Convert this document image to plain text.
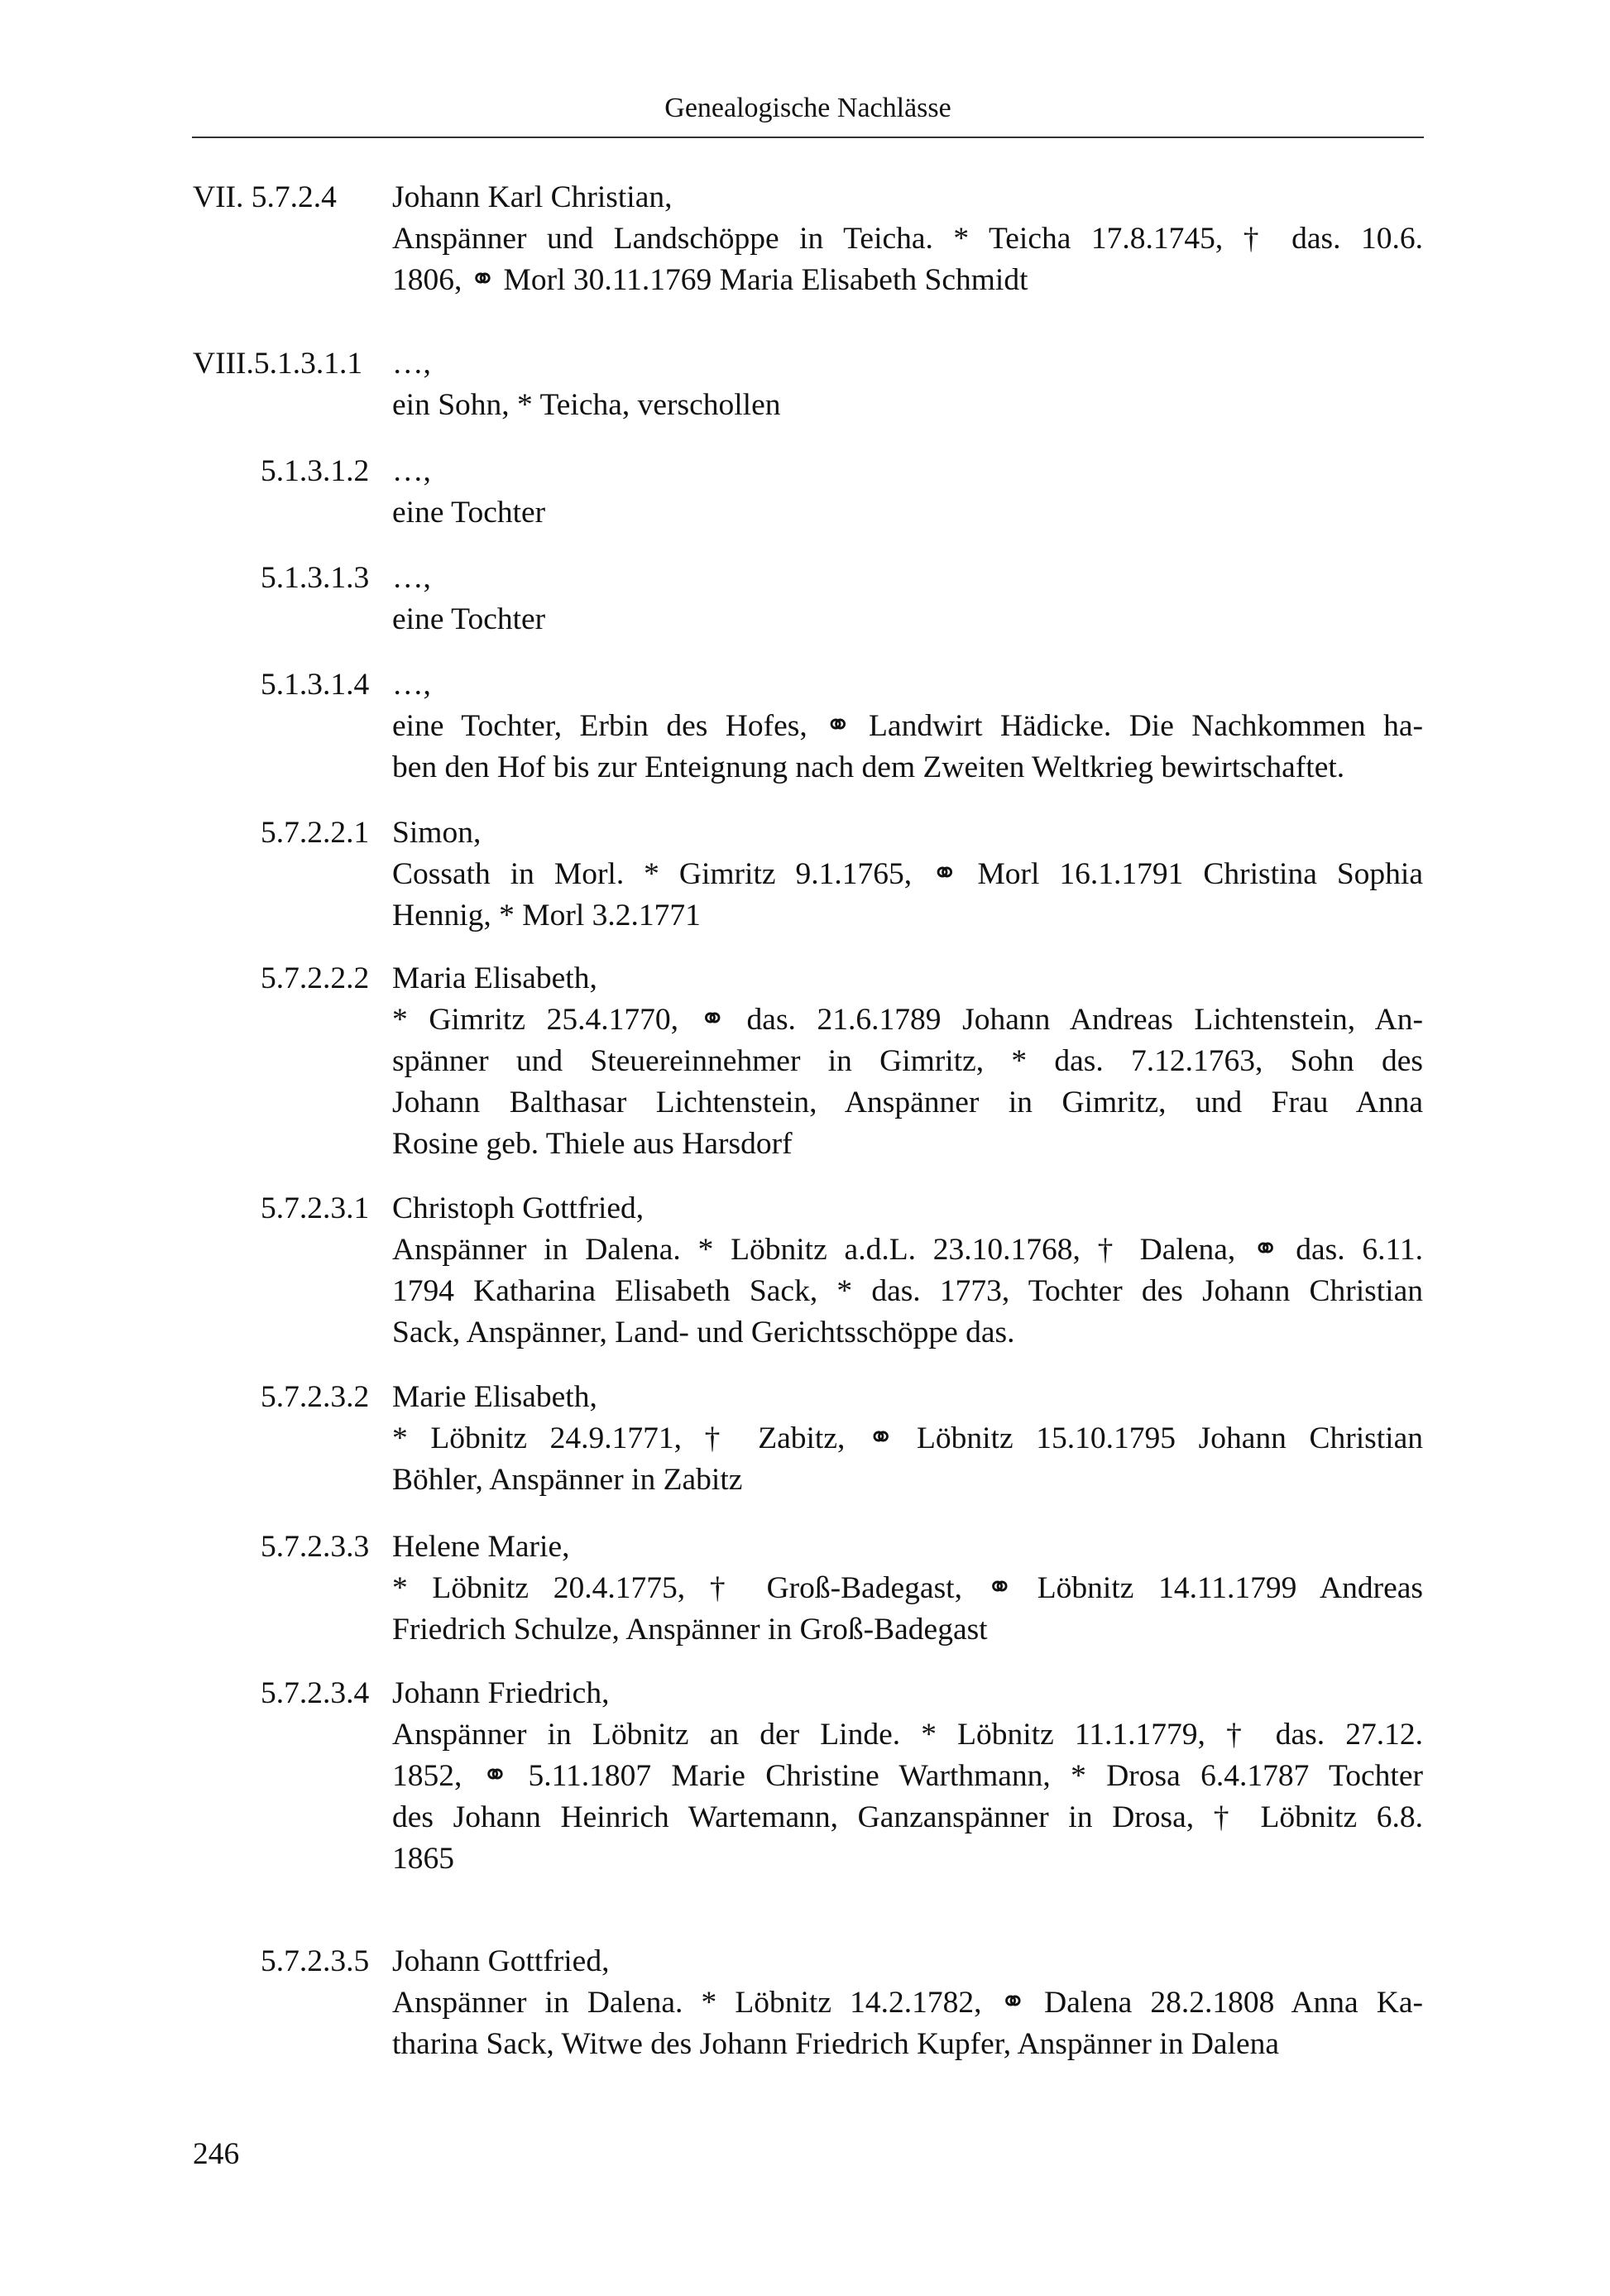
Genealogische Nachlässe
VII. 5.7.2.4 Johann Karl Christian,
Anspänner und Landschöppe in Teicha. * Teicha 17.8.1745, † das. 10.6.
1806, ⚭ Morl 30.11.1769 Maria Elisabeth Schmidt
VIII.5.1.3.1.1 …,
ein Sohn, * Teicha, verschollen
5.1.3.1.2 …,
eine Tochter
5.1.3.1.3 …,
eine Tochter
5.1.3.1.4 …,
eine Tochter, Erbin des Hofes, ⚭ Landwirt Hädicke. Die Nachkommen ha-
ben den Hof bis zur Enteignung nach dem Zweiten Weltkrieg bewirtschaftet.
5.7.2.2.1 Simon,
Cossath in Morl. * Gimritz 9.1.1765, ⚭ Morl 16.1.1791 Christina Sophia
Hennig, * Morl 3.2.1771
5.7.2.2.2 Maria Elisabeth,
* Gimritz 25.4.1770, ⚭ das. 21.6.1789 Johann Andreas Lichtenstein, An-
spänner und Steuereinnehmer in Gimritz, * das. 7.12.1763, Sohn des
Johann Balthasar Lichtenstein, Anspänner in Gimritz, und Frau Anna
Rosine geb. Thiele aus Harsdorf
5.7.2.3.1 Christoph Gottfried,
Anspänner in Dalena. * Löbnitz a.d.L. 23.10.1768, † Dalena, ⚭ das. 6.11.
1794 Katharina Elisabeth Sack, * das. 1773, Tochter des Johann Christian
Sack, Anspänner, Land- und Gerichtsschöppe das.
5.7.2.3.2 Marie Elisabeth,
* Löbnitz 24.9.1771, † Zabitz, ⚭ Löbnitz 15.10.1795 Johann Christian
Böhler, Anspänner in Zabitz
5.7.2.3.3 Helene Marie,
* Löbnitz 20.4.1775, † Groß-Badegast, ⚭ Löbnitz 14.11.1799 Andreas
Friedrich Schulze, Anspänner in Groß-Badegast
5.7.2.3.4 Johann Friedrich,
Anspänner in Löbnitz an der Linde. * Löbnitz 11.1.1779, † das. 27.12.
1852, ⚭ 5.11.1807 Marie Christine Warthmann, * Drosa 6.4.1787 Tochter
des Johann Heinrich Wartemann, Ganzanspänner in Drosa, † Löbnitz 6.8.
1865
5.7.2.3.5 Johann Gottfried,
Anspänner in Dalena. * Löbnitz 14.2.1782, ⚭ Dalena 28.2.1808 Anna Ka-
tharina Sack, Witwe des Johann Friedrich Kupfer, Anspänner in Dalena
246
